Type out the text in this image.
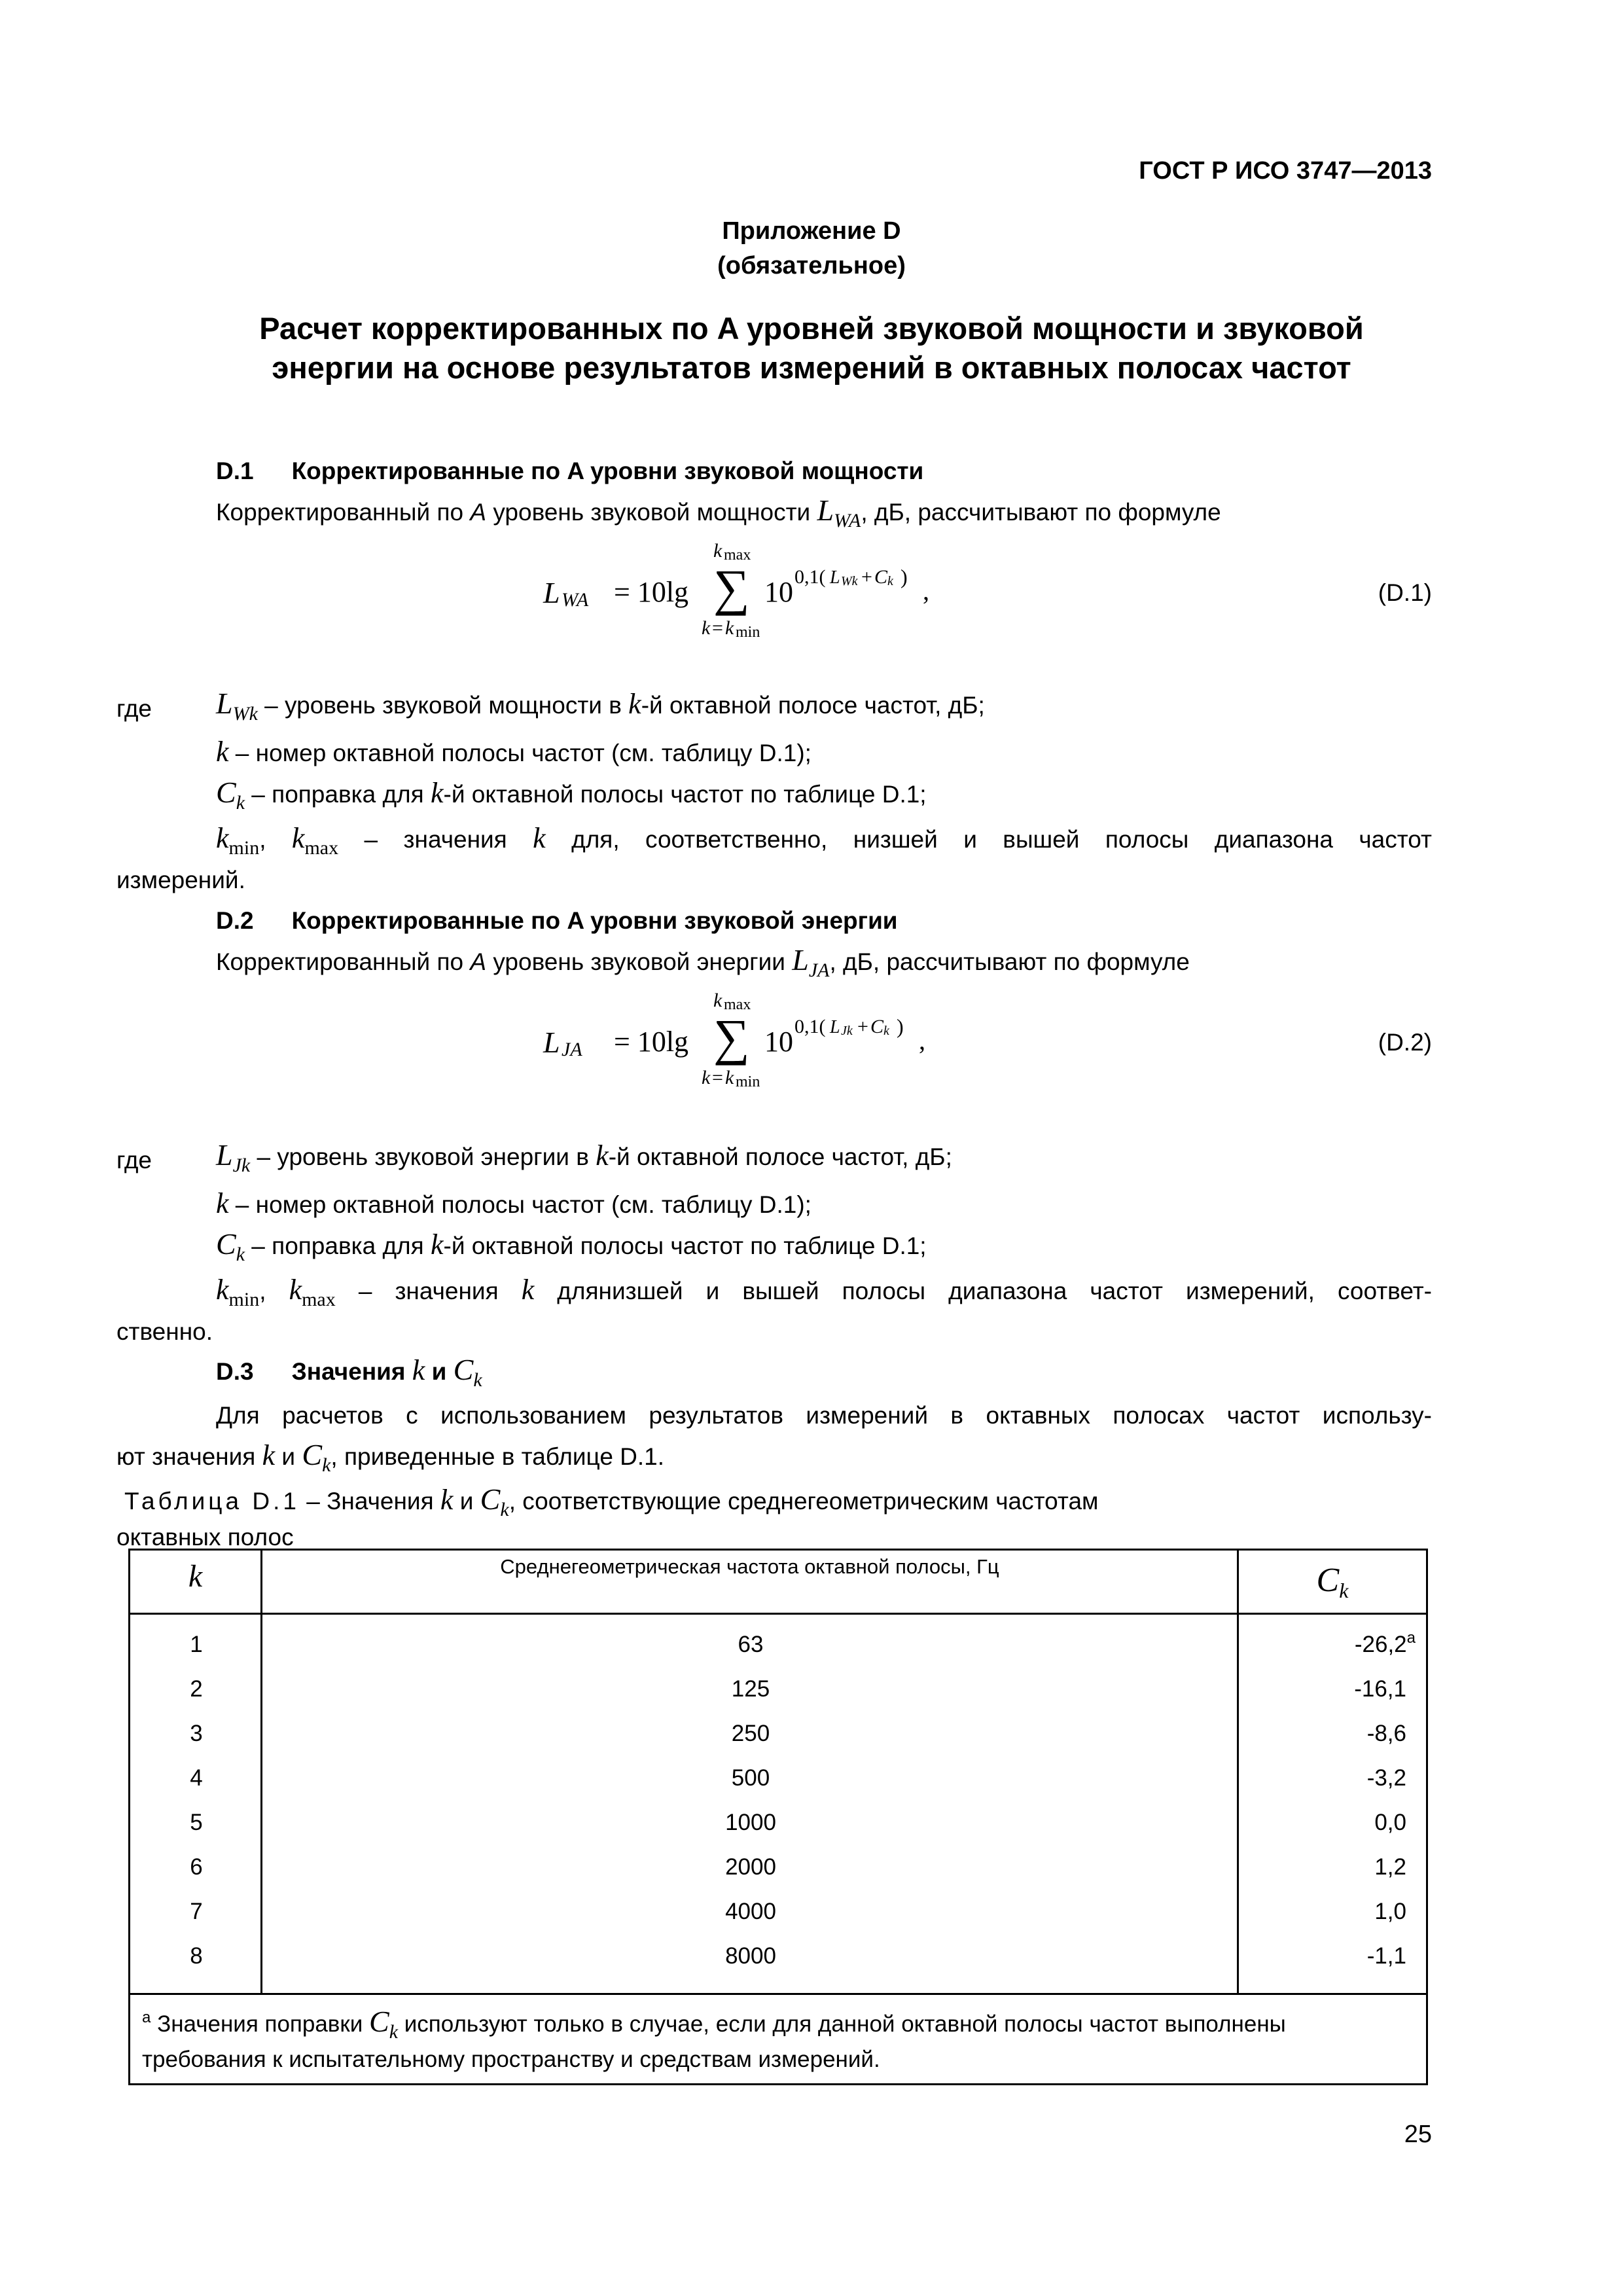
ГОСТ Р ИСО 3747—2013
Приложение D
(обязательное)
Расчет корректированных по A уровней звуковой мощности и звуковой
энергии на основе результатов измерений в октавных полосах частот
D.1 Корректированные по A уровни звуковой мощности
Корректированный по A уровень звуковой мощности $L_{WA}$, дБ, рассчитывают по формуле
L WA = 10lg
k max
∑
k = k min
10 0,1( L Wk + C k ) ,	(D.1)
где $L_{Wk}$ – уровень звуковой мощности в k-й октавной полосе частот, дБ;
k – номер октавной полосы частот (см. таблицу D.1);
$C_k$ – поправка для k-й октавной полосы частот по таблице D.1;
$k_{min}$, $k_{max}$ – значения k для, соответственно, низшей и вышей полосы диапазона частот
измерений.
D.2 Корректированные по A уровни звуковой энергии
Корректированный по A уровень звуковой энергии $L_{JA}$, дБ, рассчитывают по формуле
L JA = 10lg
k max
∑
k = k min
10 0,1( L Jk + C k ) ,	(D.2)
где $L_{Jk}$ – уровень звуковой энергии в k-й октавной полосе частот, дБ;
k – номер октавной полосы частот (см. таблицу D.1);
$C_k$ – поправка для k-й октавной полосы частот по таблице D.1;
$k_{min}$, $k_{max}$ – значения k длянизшей и вышей полосы диапазона частот измерений, соответ-
ственно.
D.3 Значения k и $C_k$
Для расчетов с использованием результатов измерений в октавных полосах частот использу-
ют значения k и $C_k$, приведенные в таблице D.1.
Таблица D.1 – Значения k и $C_k$, соответствующие среднегеометрическим частотам
октавных полос
k	Среднегеометрическая частота октавной полосы, Гц	Ck
1	63	-26,2$^a$
2	125	-16,1
3	250	-8,6
4	500	-3,2
5	1000	0,0
6	2000	1,2
7	4000	1,0
8	8000	-1,1
$^a$ Значения поправки Ck используют только в случае, если для данной октавной полосы частот выполнены
требования к испытательному пространству и средствам измерений.
25
